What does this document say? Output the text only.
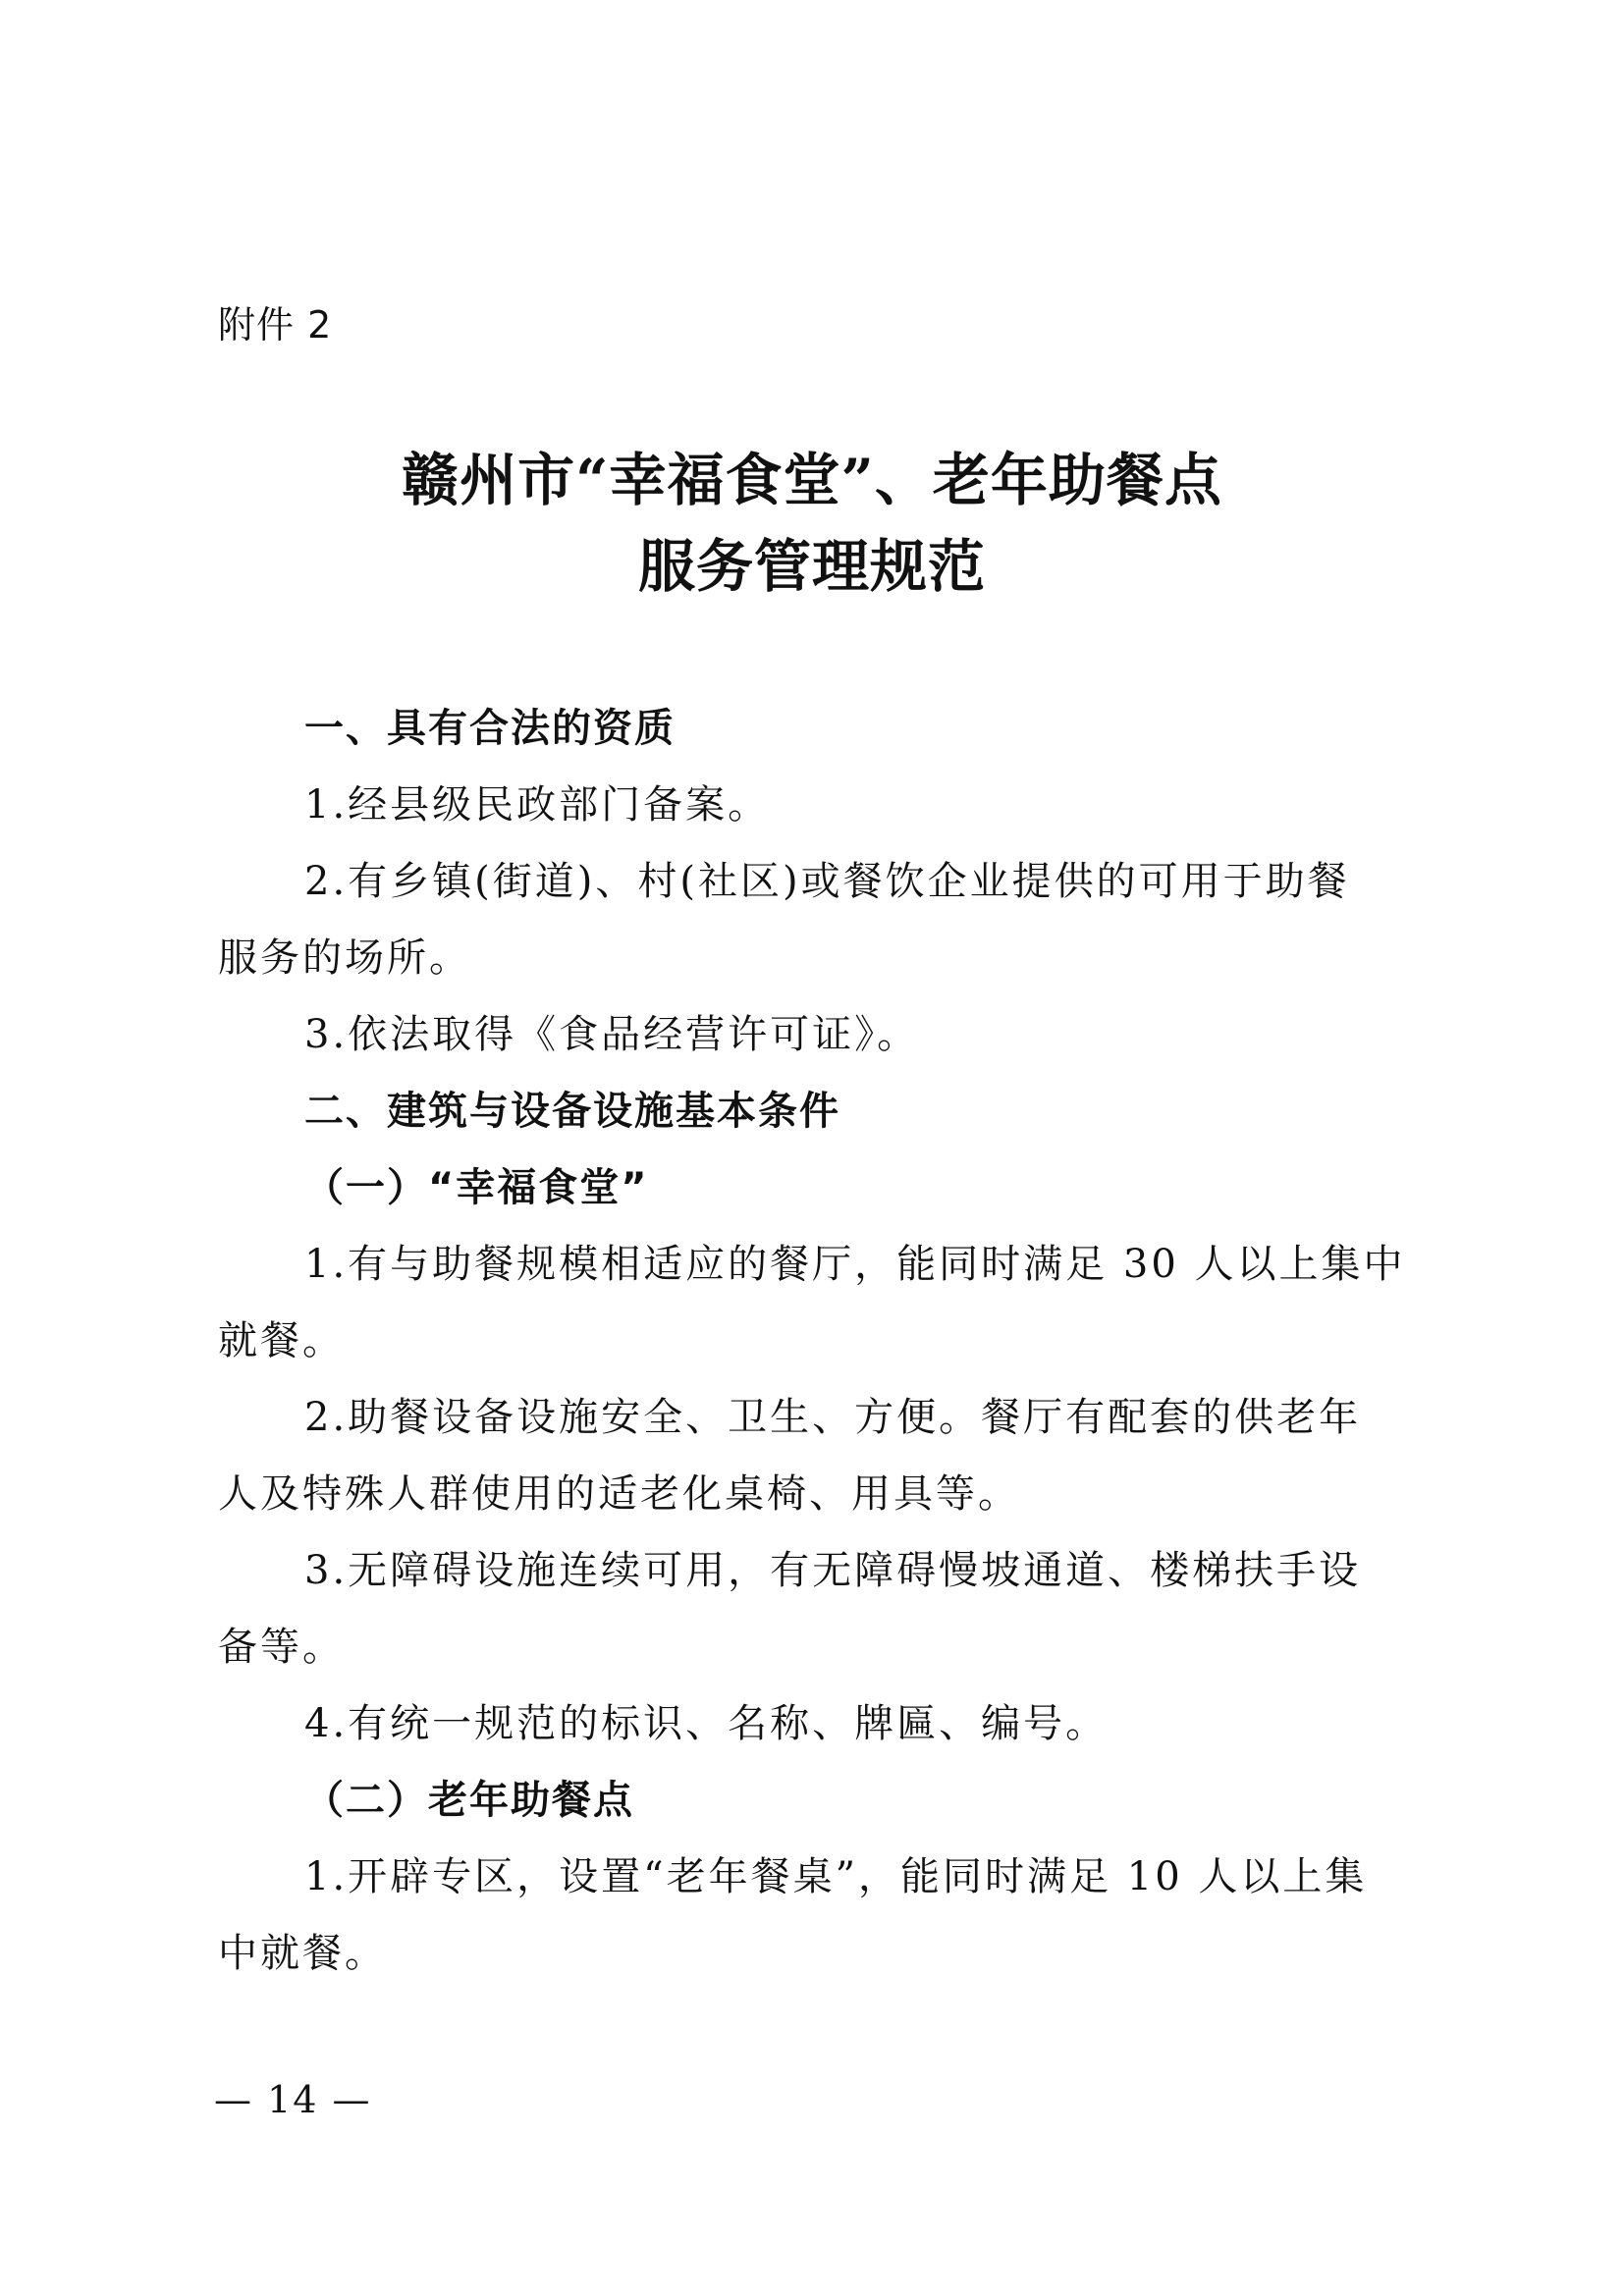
附件 2
赣州市“幸福食堂”、老年助餐点
服务管理规范
一、具有合法的资质
1.经县级民政部门备案。
2.有乡镇(街道)、村(社区)或餐饮企业提供的可用于助餐
服务的场所。
3.依法取得《食品经营许可证》。
二、建筑与设备设施基本条件
（一）“幸福食堂”
1.有与助餐规模相适应的餐厅，能同时满足 30 人以上集中
就餐。
2.助餐设备设施安全、卫生、方便。餐厅有配套的供老年
人及特殊人群使用的适老化桌椅、用具等。
3.无障碍设施连续可用，有无障碍慢坡通道、楼梯扶手设
备等。
4.有统一规范的标识、名称、牌匾、编号。
（二）老年助餐点
1.开辟专区，设置“老年餐桌”，能同时满足 10 人以上集
中就餐。
— 14 —
